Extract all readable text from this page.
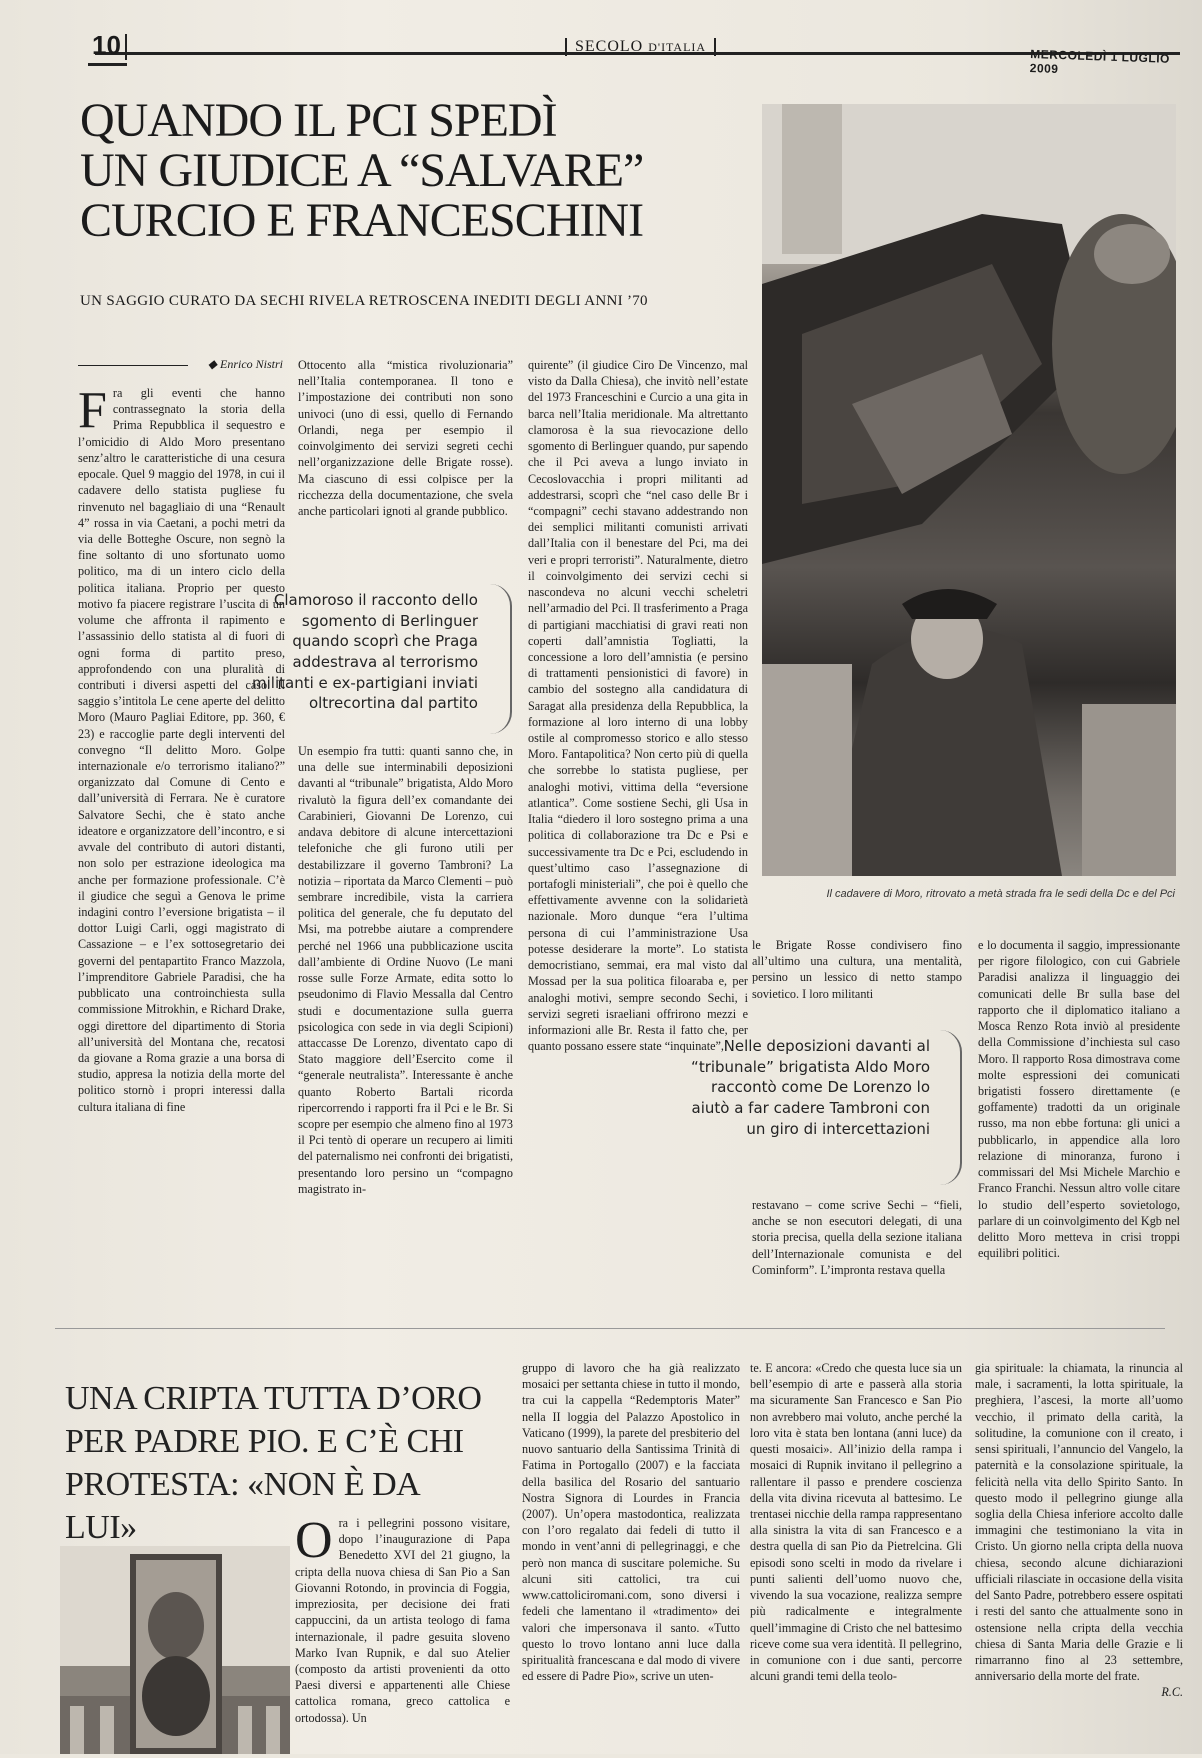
10	SECOLO D'ITALIA
MERCOLEDÌ 1 LUGLIO 2009
QUANDO IL PCI SPEDÌ
UN GIUDICE A “SALVARE”
CURCIO E FRANCESCHINI
UN SAGGIO CURATO DA SECHI RIVELA RETROSCENA INEDITI DEGLI ANNI ’70
Il cadavere di Moro, ritrovato a metà strada fra le sedi della Dc e del Pci
◆ Enrico Nistri

Fra gli eventi che hanno contrassegnato la storia della Prima Repubblica il sequestro e l’omicidio di Aldo Moro presentano senz’altro le caratteristiche di una cesura epocale. Quel 9 maggio del 1978, in cui il cadavere dello statista pugliese fu rinvenuto nel bagagliaio di una “Renault 4” rossa in via Caetani, a pochi metri da via delle Botteghe Oscure, non segnò la fine soltanto di uno sfortunato uomo politico, ma di un intero ciclo della politica italiana. Proprio per questo motivo fa piacere registrare l’uscita di un volume che affronta il rapimento e l’assassinio dello statista al di fuori di ogni forma di partito preso, approfondendo con una pluralità di contributi i diversi aspetti del caso. Il saggio s’intitola Le cene aperte del delitto Moro (Mauro Pagliai Editore, pp. 360, € 23) e raccoglie parte degli interventi del convegno “Il delitto Moro. Golpe internazionale e/o terrorismo italiano?” organizzato dal Comune di Cento e dall’università di Ferrara. Ne è curatore Salvatore Sechi, che è stato anche ideatore e organizzatore dell’incontro, e si avvale del contributo di autori distanti, non solo per estrazione ideologica ma anche per formazione professionale. C’è il giudice che seguì a Genova le prime indagini contro l’eversione brigatista – il dottor Luigi Carli, oggi magistrato di Cassazione – e l’ex sottosegretario dei governi del pentapartito Franco Mazzola, l’imprenditore Gabriele Paradisi, che ha pubblicato una controinchiesta sulla commissione Mitrokhin, e Richard Drake, oggi direttore del dipartimento di Storia all’università del Montana che, recatosi da giovane a Roma grazie a una borsa di studio, appresa la notizia della morte del politico stornò i propri interessi dalla cultura italiana di fine

Ottocento alla “mistica rivoluzionaria” nell’Italia contemporanea. Il tono e l’impostazione dei contributi non sono univoci (uno di essi, quello di Fernando Orlandi, nega per esempio il coinvolgimento dei servizi segreti cechi nell’organizzazione delle Brigate rosse). Ma ciascuno di essi colpisce per la ricchezza della documentazione, che svela anche particolari ignoti al grande pubblico.

Clamoroso il racconto dello sgomento di Berlinguer quando scoprì che Praga addestrava al terrorismo militanti e ex-partigiani inviati oltrecortina dal partito

Un esempio fra tutti: quanti sanno che, in una delle sue interminabili deposizioni davanti al “tribunale” brigatista, Aldo Moro rivalutò la figura dell’ex comandante dei Carabinieri, Giovanni De Lorenzo, cui andava debitore di alcune intercettazioni telefoniche che gli furono utili per destabilizzare il governo Tambroni? La notizia – riportata da Marco Clementi – può sembrare incredibile, vista la carriera politica del generale, che fu deputato del Msi, ma potrebbe aiutare a comprendere perché nel 1966 una pubblicazione uscita dall’ambiente di Ordine Nuovo (Le mani rosse sulle Forze Armate, edita sotto lo pseudonimo di Flavio Messalla dal Centro studi e documentazione sulla guerra psicologica con sede in via degli Scipioni) attaccasse De Lorenzo, diventato capo di Stato maggiore dell’Esercito come il “generale neutralista”. Interessante è anche quanto Roberto Bartali ricorda ripercorrendo i rapporti fra il Pci e le Br. Si scopre per esempio che almeno fino al 1973 il Pci tentò di operare un recupero ai limiti del paternalismo nei confronti dei brigatisti, presentando loro persino un “compagno magistrato in-

quirente” (il giudice Ciro De Vincenzo, mal visto da Dalla Chiesa), che invitò nell’estate del 1973 Franceschini e Curcio a una gita in barca nell’Italia meridionale. Ma altrettanto clamorosa è la sua rievocazione dello sgomento di Berlinguer quando, pur sapendo che il Pci aveva a lungo inviato in Cecoslovacchia i propri militanti ad addestrarsi, scoprì che “nel caso delle Br i “compagni” cechi stavano addestrando non dei semplici militanti comunisti arrivati dall’Italia con il benestare del Pci, ma dei veri e propri terroristi”. Naturalmente, dietro il coinvolgimento dei servizi cechi si nascondeva no alcuni vecchi scheletri nell’armadio del Pci. Il trasferimento a Praga di partigiani macchiatisi di gravi reati non coperti dall’amnistia Togliatti, la concessione a loro dell’amnistia (e persino di trattamenti pensionistici di favore) in cambio del sostegno alla candidatura di Saragat alla presidenza della Repubblica, la formazione al loro interno di una lobby ostile al compromesso storico e allo stesso Moro. Fantapolitica? Non certo più di quella che sorrebbe lo statista pugliese, per analoghi motivi, vittima della “eversione atlantica”. Come sostiene Sechi, gli Usa in Italia “diedero il loro sostegno prima a una politica di collaborazione tra Dc e Psi e successivamente tra Dc e Pci, escludendo in quest’ultimo caso l’assegnazione di portafogli ministeriali”, che poi è quello che effettivamente avvenne con la solidarietà nazionale. Moro dunque “era l’ultima persona di cui l’amministrazione Usa potesse desiderare la morte”. Lo statista democristiano, semmai, era mal visto dal Mossad per la sua politica filoaraba e, per analoghi motivi, sempre secondo Sechi, i servizi segreti israeliani offrirono mezzi e informazioni alle Br. Resta il fatto che, per quanto possano essere state “inquinate”,

le Brigate Rosse condivisero fino all’ultimo una cultura, una mentalità, persino un lessico di netto stampo sovietico. I loro militanti

Nelle deposizioni davanti al “tribunale” brigatista Aldo Moro raccontò come De Lorenzo lo aiutò a far cadere Tambroni con un giro di intercettazioni

restavano – come scrive Sechi – “fieli, anche se non esecutori delegati, di una storia precisa, quella della sezione italiana dell’Internazionale comunista e del Cominform”. L’impronta restava quella

e lo documenta il saggio, impressionante per rigore filologico, con cui Gabriele Paradisi analizza il linguaggio dei comunicati delle Br sulla base del rapporto che il diplomatico italiano a Mosca Renzo Rota inviò al presidente della Commissione d’inchiesta sul caso Moro. Il rapporto Rosa dimostrava come molte espressioni dei comunicati brigatisti fossero direttamente (e goffamente) tradotti da un originale russo, ma non ebbe fortuna: gli unici a pubblicarlo, in appendice alla loro relazione di minoranza, furono i commissari del Msi Michele Marchio e Franco Franchi. Nessun altro volle citare lo studio dell’esperto sovietologo, parlare di un coinvolgimento del Kgb nel delitto Moro metteva in crisi troppi equilibri politici.

UNA CRIPTA TUTTA D’ORO
PER PADRE PIO. E C’È CHI
PROTESTA: «NON È DA LUI»	Ora i pellegrini possono visitare, dopo l’inaugurazione di Papa Benedetto XVI del 21 giugno, la cripta della nuova chiesa di San Pio a San Giovanni Rotondo, in provincia di Foggia, impreziosita, per decisione dei frati cappuccini, da un artista teologo di fama internazionale, il padre gesuita sloveno Marko Ivan Rupnik, e dal suo Atelier (composto da artisti provenienti da otto Paesi diversi e appartenenti alle Chiese cattolica romana, greco cattolica e ortodossa). Un

gruppo di lavoro che ha già realizzato mosaici per settanta chiese in tutto il mondo, tra cui la cappella “Redemptoris Mater” nella II loggia del Palazzo Apostolico in Vaticano (1999), la parete del presbiterio del nuovo santuario della Santissima Trinità di Fatima in Portogallo (2007) e la facciata della basilica del Rosario del santuario Nostra Signora di Lourdes in Francia (2007). Un’opera mastodontica, realizzata con l’oro regalato dai fedeli di tutto il mondo in vent’anni di pellegrinaggi, e che però non manca di suscitare polemiche. Su alcuni siti cattolici, tra cui www.cattoliciromani.com, sono diversi i fedeli che lamentano il «tradimento» dei valori che impersonava il santo. «Tutto questo lo trovo lontano anni luce dalla spiritualità francescana e dal modo di vivere ed essere di Padre Pio», scrive un uten-

te. E ancora: «Credo che questa luce sia un bell’esempio di arte e passerà alla storia ma sicuramente San Francesco e San Pio non avrebbero mai voluto, anche perché la loro vita è stata ben lontana (anni luce) da questi mosaici». All’inizio della rampa i mosaici di Rupnik invitano il pellegrino a rallentare il passo e prendere coscienza della vita divina ricevuta al battesimo. Le trentasei nicchie della rampa rappresentano alla sinistra la vita di san Francesco e a destra quella di san Pio da Pietrelcina. Gli episodi sono scelti in modo da rivelare i punti salienti dell’uomo nuovo che, vivendo la sua vocazione, realizza sempre più radicalmente e integralmente quell’immagine di Cristo che nel battesimo riceve come sua vera identità. Il pellegrino, in comunione con i due santi, percorre alcuni grandi temi della teolo-

gia spirituale: la chiamata, la rinuncia al male, i sacramenti, la lotta spirituale, la preghiera, l’ascesi, la morte all’uomo vecchio, il primato della carità, la solitudine, la comunione con il creato, i sensi spirituali, l’annuncio del Vangelo, la paternità e la consolazione spirituale, la felicità nella vita dello Spirito Santo. In questo modo il pellegrino giunge alla soglia della Chiesa inferiore accolto dalle immagini che testimoniano la vita in Cristo. Un giorno nella cripta della nuova chiesa, secondo alcune dichiarazioni ufficiali rilasciate in occasione della visita del Santo Padre, potrebbero essere ospitati i resti del santo che attualmente sono in ostensione nella cripta della vecchia chiesa di Santa Maria delle Grazie e li rimarranno fino al 23 settembre, anniversario della morte del frate.

R.C.
